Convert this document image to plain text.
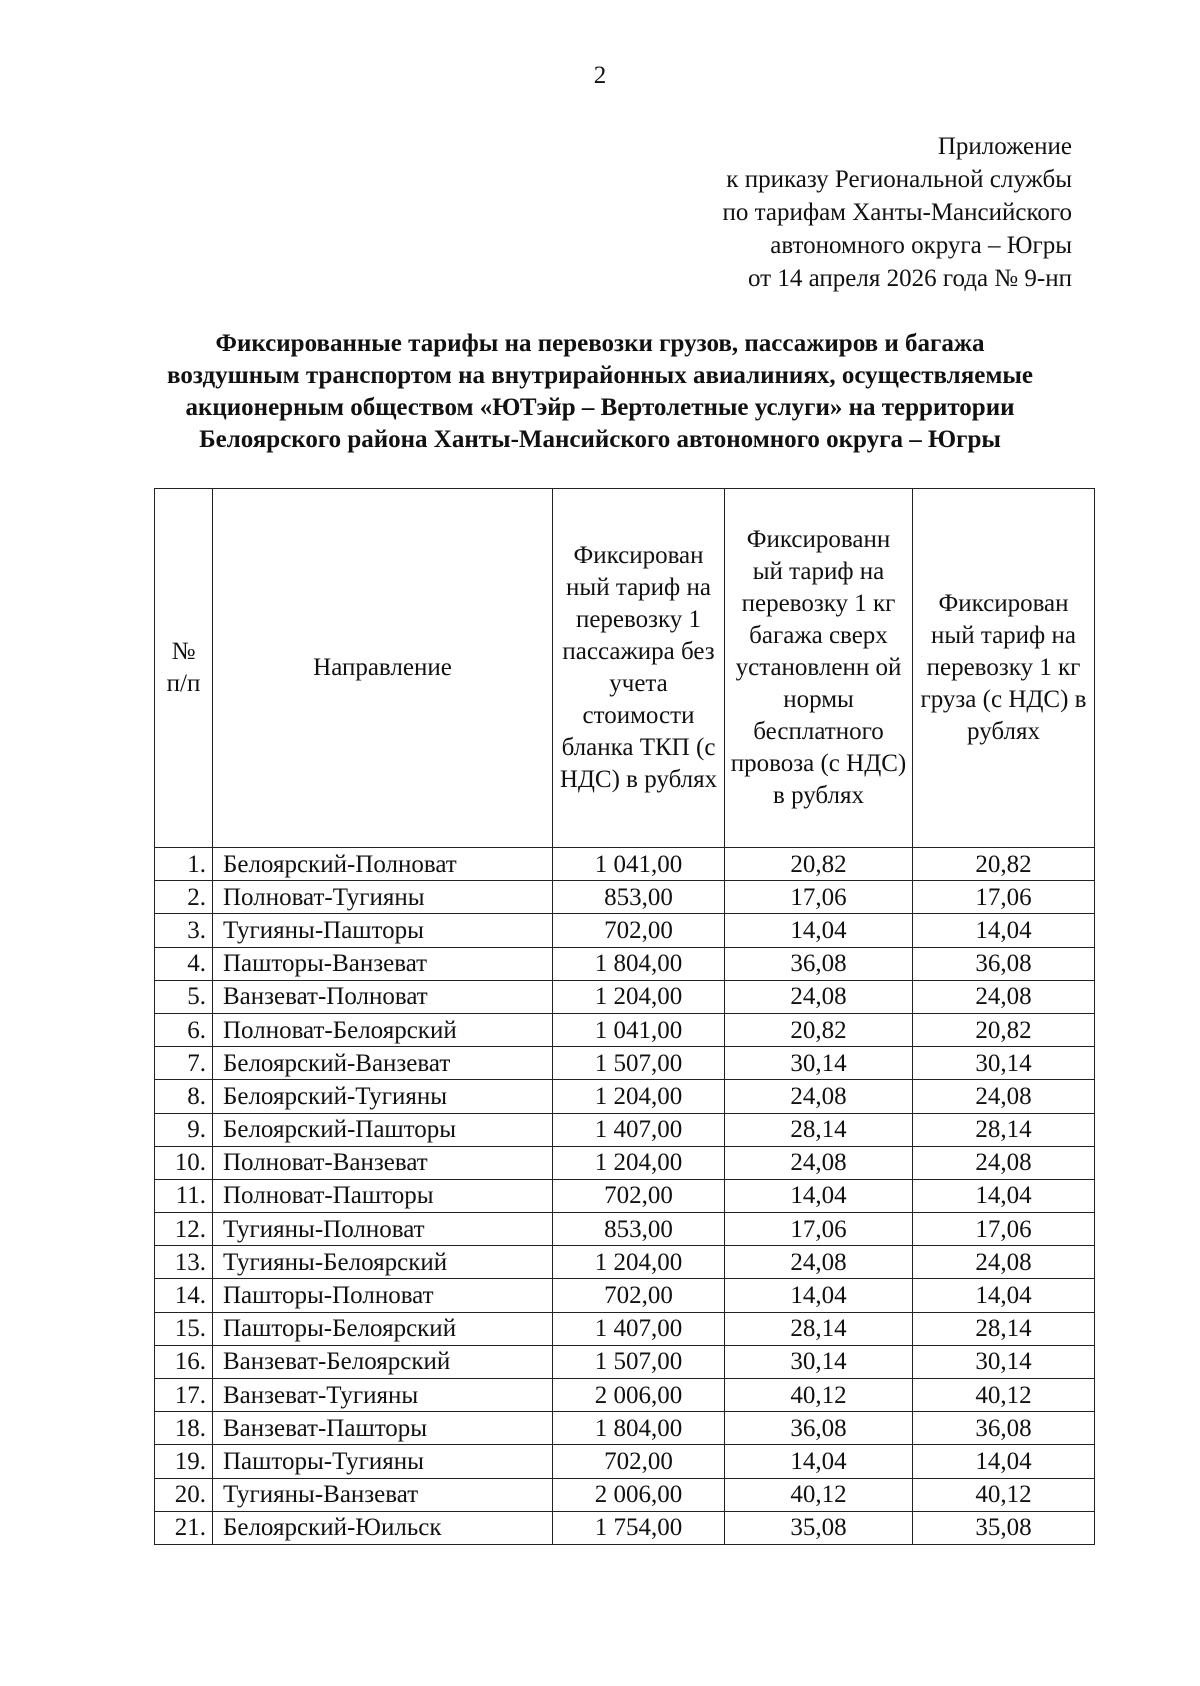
2
Приложение
к приказу Региональной службы
по тарифам Ханты-Мансийского
автономного округа – Югры
от 14 апреля 2026 года № 9-нп
Фиксированные тарифы на перевозки грузов, пассажиров и багажа
воздушным транспортом на внутрирайонных авиалиниях, осуществляемые
акционерным обществом «ЮТэйр – Вертолетные услуги» на территории
Белоярского района Ханты-Мансийского автономного округа – Югры
№ п/п	Направление	Фиксирован ный тариф на перевозку 1 пассажира без учета стоимости бланка ТКП (с НДС) в рублях	Фиксированн ый тариф на перевозку 1 кг багажа сверх установленн ой нормы бесплатного провоза (с НДС) в рублях	Фиксирован ный тариф на перевозку 1 кг груза (с НДС) в рублях

1.	Белоярский-Полноват	1 041,00	20,82	20,82
2.	Полноват-Тугияны	853,00	17,06	17,06
3.	Тугияны-Пашторы	702,00	14,04	14,04
4.	Пашторы-Ванзеват	1 804,00	36,08	36,08
5.	Ванзеват-Полноват	1 204,00	24,08	24,08
6.	Полноват-Белоярский	1 041,00	20,82	20,82
7.	Белоярский-Ванзеват	1 507,00	30,14	30,14
8.	Белоярский-Тугияны	1 204,00	24,08	24,08
9.	Белоярский-Пашторы	1 407,00	28,14	28,14
10.	Полноват-Ванзеват	1 204,00	24,08	24,08
11.	Полноват-Пашторы	702,00	14,04	14,04
12.	Тугияны-Полноват	853,00	17,06	17,06
13.	Тугияны-Белоярский	1 204,00	24,08	24,08
14.	Пашторы-Полноват	702,00	14,04	14,04
15.	Пашторы-Белоярский	1 407,00	28,14	28,14
16.	Ванзеват-Белоярский	1 507,00	30,14	30,14
17.	Ванзеват-Тугияны	2 006,00	40,12	40,12
18.	Ванзеват-Пашторы	1 804,00	36,08	36,08
19.	Пашторы-Тугияны	702,00	14,04	14,04
20.	Тугияны-Ванзеват	2 006,00	40,12	40,12
21.	Белоярский-Юильск	1 754,00	35,08	35,08
